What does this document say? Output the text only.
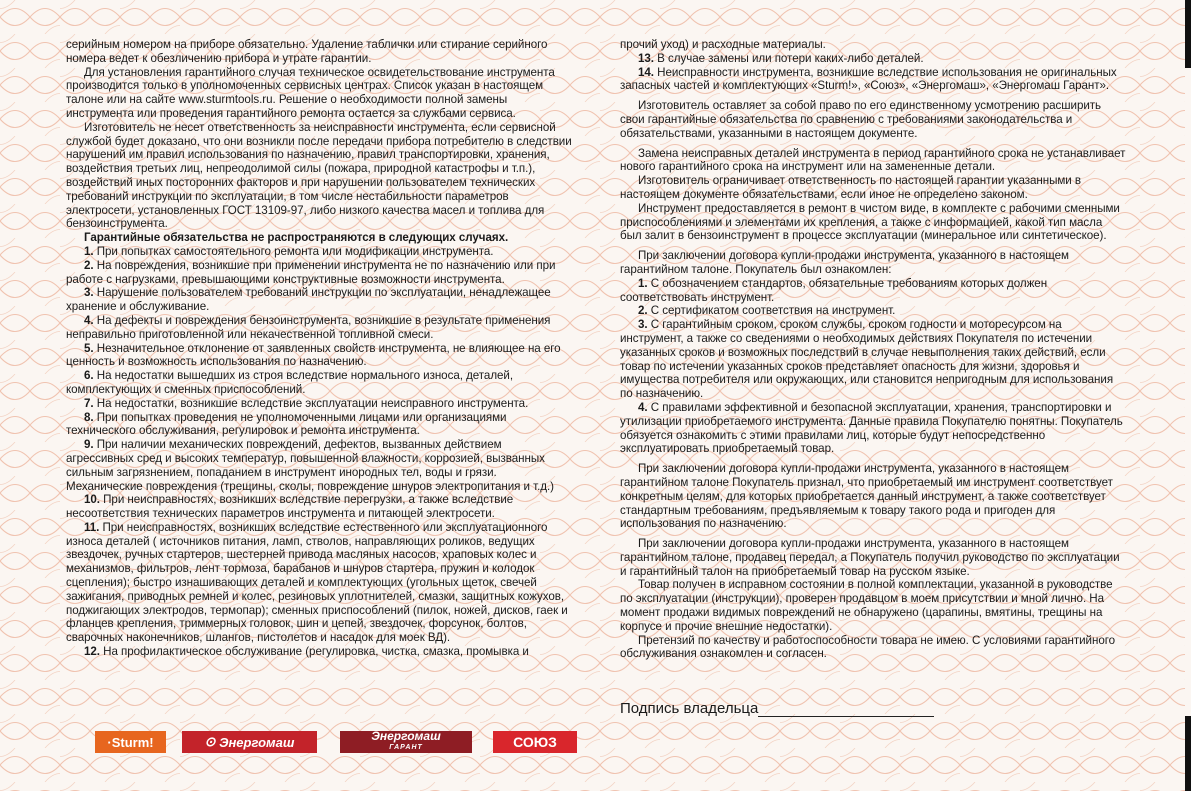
серийным номером на приборе обязательно. Удаление таблички или стирание серийного номера ведет к обезличению прибора и утрате гарантии.

Для установления гарантийного случая техническое освидетельствование инструмента производится только в уполномоченных сервисных центрах. Список указан в настоящем талоне или на сайте www.sturmtools.ru. Решение о необходимости полной замены инструмента или проведения гарантийного ремонта остается за службами сервиса.

Изготовитель не несет ответственность за неисправности инструмента, если сервисной службой будет доказано, что они возникли после передачи прибора потребителю в следствии нарушений им правил использования по назначению, правил транспортировки, хранения, воздействия третьих лиц, непреодолимой силы (пожара, природной катастрофы и т.п.), воздействий иных посторонних факторов и при нарушении пользователем технических требований инструкции по эксплуатации, в том числе нестабильности параметров электросети, установленных ГОСТ 13109-97, либо низкого качества масел и топлива для бензоинструмента.

Гарантийные обязательства не распространяются в следующих случаях.

1. При попытках самостоятельного ремонта или модификации инструмента.

2. На повреждения, возникшие при применении инструмента не по назначению или при работе с нагрузками, превышающими конструктивные возможности инструмента.

3. Нарушение пользователем требований инструкции по эксплуатации, ненадлежащее хранение и обслуживание.

4. На дефекты и повреждения бензоинструмента, возникшие в результате применения неправильно приготовленной или некачественной топливной смеси.

5. Незначительное отклонение от заявленных свойств инструмента, не влияющее на его ценность и возможность использования по назначению.

6. На недостатки вышедших из строя вследствие нормального износа, деталей, комплектующих и сменных приспособлений.

7. На недостатки, возникшие вследствие эксплуатации неисправного инструмента.

8. При попытках проведения не уполномоченными лицами или организациями технического обслуживания, регулировок и ремонта инструмента.

9. При наличии механических повреждений, дефектов, вызванных действием агрессивных сред и высоких температур, повышенной влажности, коррозией, вызванных сильным загрязнением, попаданием в инструмент инородных тел, воды и грязи. Механические повреждения (трещины, сколы, повреждение шнуров электропитания и т.д.)

10. При неисправностях, возникших вследствие перегрузки, а также вследствие несоответствия технических параметров инструмента и питающей электросети.

11. При неисправностях, возникших вследствие естественного или эксплуатационного износа деталей ( источников питания, ламп, стволов, направляющих роликов, ведущих звездочек, ручных стартеров, шестерней привода масляных насосов, храповых колес и механизмов, фильтров, лент тормоза, барабанов и шнуров стартера, пружин и колодок сцепления); быстро изнашивающих деталей и комплектующих (угольных щеток, свечей зажигания, приводных ремней и колес, резиновых уплотнителей, смазки, защитных кожухов, поджигающих электродов, термопар); сменных приспособлений (пилок, ножей, дисков, гаек и фланцев крепления, триммерных головок, шин и цепей, звездочек, форсунок, болтов, сварочных наконечников, шлангов, пистолетов и насадок для моек ВД).

12. На профилактическое обслуживание (регулировка, чистка, смазка, промывка и

прочий уход) и расходные материалы.

13. В случае замены или потери каких-либо деталей.

14. Неисправности инструмента, возникшие вследствие использования не оригинальных запасных частей и комплектующих «Sturm!», «Союз», «Энергомаш», «Энергомаш Гарант».

Изготовитель оставляет за собой право по его единственному усмотрению расширить свои гарантийные обязательства по сравнению с требованиями законодательства и обязательствами, указанными в настоящем документе.

Замена неисправных деталей инструмента в период гарантийного срока не устанавливает нового гарантийного срока на инструмент или на замененные детали.

Изготовитель ограничивает ответственность по настоящей гарантии указанными в настоящем документе обязательствами, если иное не определено законом.

Инструмент предоставляется в ремонт в чистом виде, в комплекте с рабочими сменными приспособлениями и элементами их крепления, а также с информацией, какой тип масла был залит в бензоинструмент в процессе эксплуатации (минеральное или синтетическое).

При заключении договора купли-продажи инструмента, указанного в настоящем гарантийном талоне. Покупатель был ознакомлен:

1. С обозначением стандартов, обязательные требованиям которых должен соответствовать инструмент.

2. С сертификатом соответствия на инструмент.

3. С гарантийным сроком, сроком службы, сроком годности и моторесурсом на инструмент, а также со сведениями о необходимых действиях Покупателя по истечении указанных сроков и возможных последствий в случае невыполнения таких действий, если товар по истечении указанных сроков представляет опасность для жизни, здоровья и имущества потребителя или окружающих, или становится непригодным для использования по назначению.

4. С правилами эффективной и безопасной эксплуатации, хранения, транспортировки и утилизации приобретаемого инструмента. Данные правила Покупателю понятны. Покупатель обязуется ознакомить с этими правилами лиц, которые будут непосредственно эксплуатировать приобретаемый товар.

При заключении договора купли-продажи инструмента, указанного в настоящем гарантийном талоне Покупатель признал, что приобретаемый им инструмент соответствует конкретным целям, для которых приобретается данный инструмент, а также соответствует стандартным требованиям, предъявляемым к товару такого рода и пригоден для использования по назначению.

При заключении договора купли-продажи инструмента, указанного в настоящем гарантийном талоне, продавец передал, а Покупатель получил руководство по эксплуатации и гарантийный талон на приобретаемый товар на русском языке.

Товар получен в исправном состоянии в полной комплектации, указанной в руководстве по эксплуатации (инструкции), проверен продавцом в моем присутствии и мной лично. На момент продажи видимых повреждений не обнаружено (царапины, вмятины, трещины на корпусе и прочие внешние недостатки).

Претензий по качеству и работоспособности товара не имею. С условиями гарантийного обслуживания ознакомлен и согласен.

Подпись владельца
·Sturm!	⊙ Энергомаш	Энергомаш
ГАРАНТ	СОЮЗ
